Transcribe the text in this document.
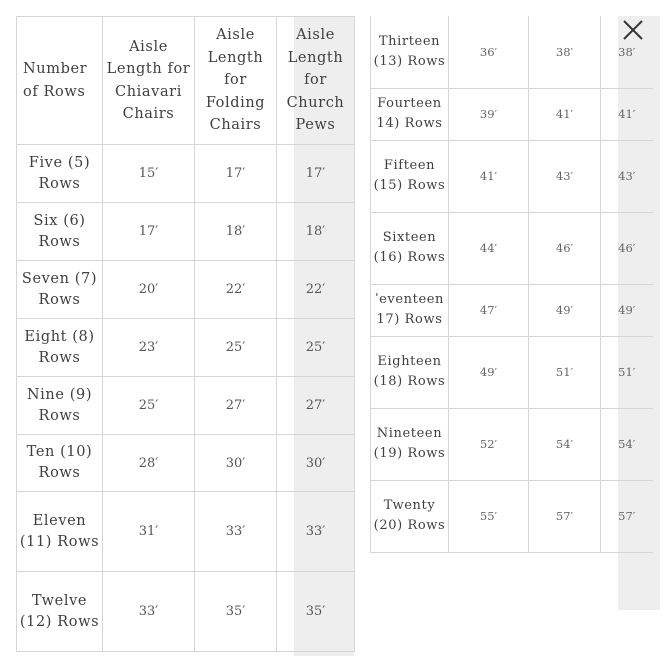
Number of Rows	Aisle Length for Chiavari Chairs	Aisle Length for Folding Chairs	Aisle Length for Church Pews
Five (5) Rows	15′	17′	17′
Six (6) Rows	17′	18′	18′
Seven (7) Rows	20′	22′	22′
Eight (8) Rows	23′	25′	25′
Nine (9) Rows	25′	27′	27′
Ten (10) Rows	28′	30′	30′
Eleven (11) Rows	31′	33′	33′
Twelve (12) Rows	33′	35′	35′
Thirteen (13) Rows	36′	38′	38′
Fourteen 14) Rows	39′	41′	41′
Fifteen (15) Rows	41′	43′	43′
Sixteen (16) Rows	44′	46′	46′
ˈeventeen 17) Rows	47′	49′	49′
Eighteen (18) Rows	49′	51′	51′
Nineteen (19) Rows	52′	54′	54′
Twenty (20) Rows	55′	57′	57′
